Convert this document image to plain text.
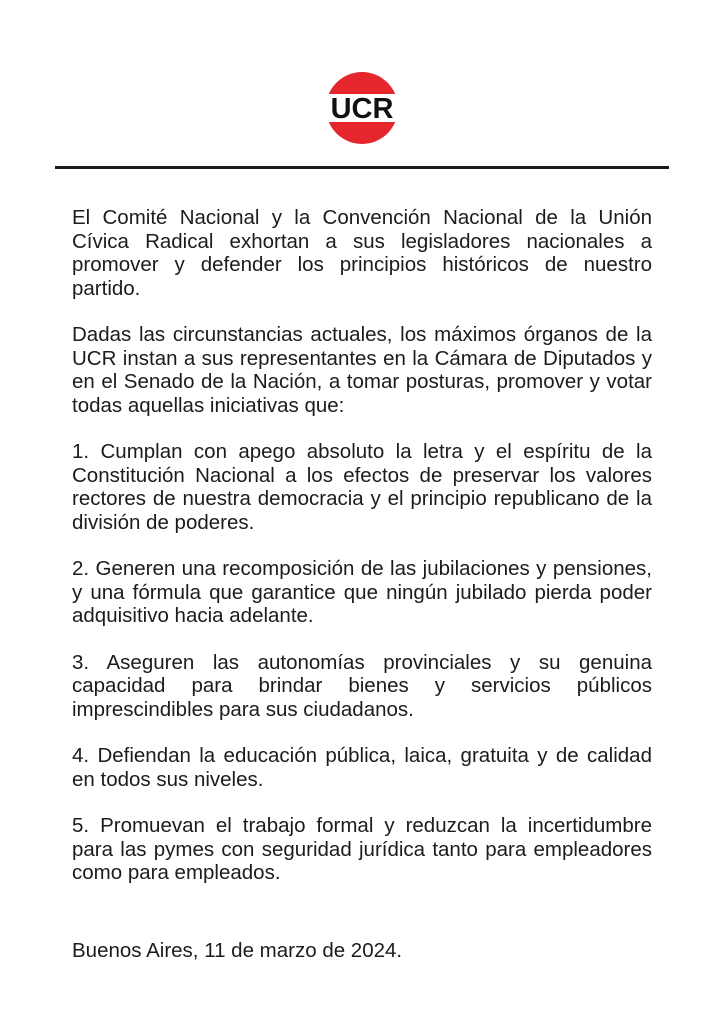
UCR

El Comité Nacional y la Convención Nacional de la Unión Cívica Radical exhortan a sus legisladores nacionales a promover y defender los principios históricos de nuestro partido.

Dadas las circunstancias actuales, los máximos órganos de la UCR instan a sus representantes en la Cámara de Diputados y en el Senado de la Nación, a tomar posturas, promover y votar todas aquellas iniciativas que:

1. Cumplan con apego absoluto la letra y el espíritu de la Constitución Nacional a los efectos de preservar los valores rectores de nuestra democracia y el principio republicano de la división de poderes.

2. Generen una recomposición de las jubilaciones y pensiones, y una fórmula que garantice que ningún jubilado pierda poder adquisitivo hacia adelante.

3. Aseguren las autonomías provinciales y su genuina capacidad para brindar bienes y servicios públicos imprescindibles para sus ciudadanos.

4. Defiendan la educación pública, laica, gratuita y de calidad en todos sus niveles.

5. Promuevan el trabajo formal y reduzcan la incertidumbre para las pymes con seguridad jurídica tanto para empleadores como para empleados.

Buenos Aires, 11 de marzo de 2024.
